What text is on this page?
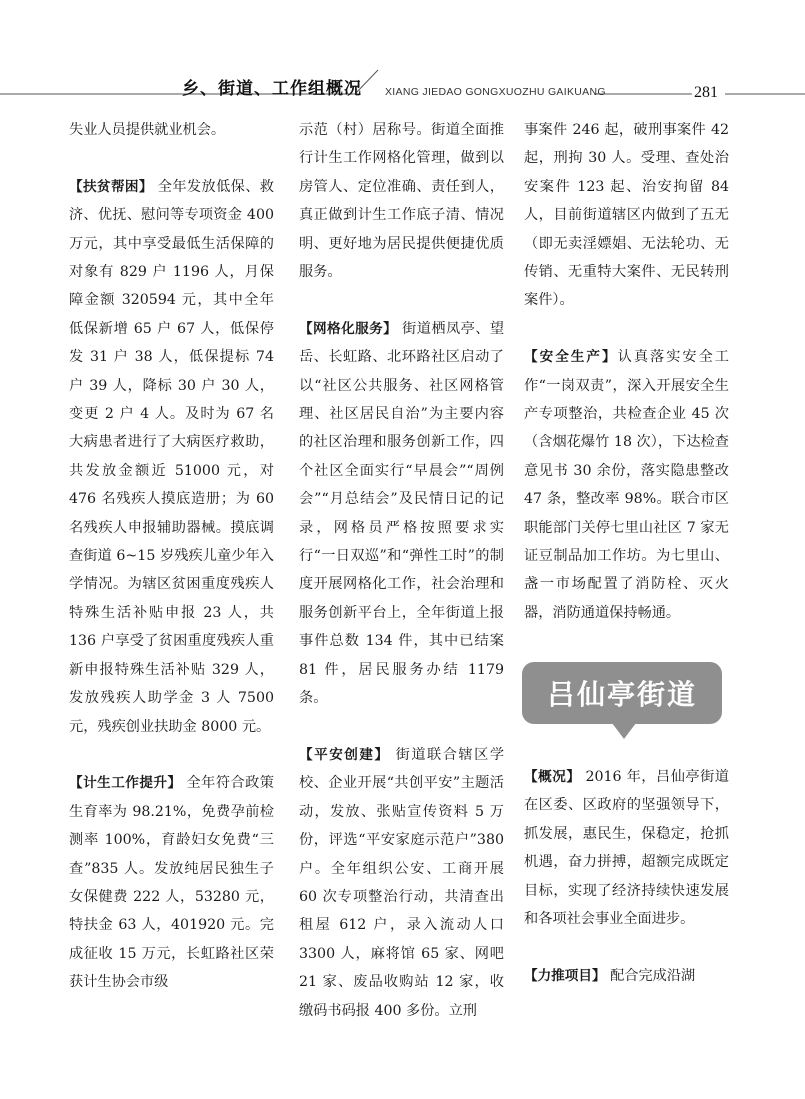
乡、街道、工作组概况 XIANG JIEDAO GONGXUOZHU GAIKUANG	281

失业人员提供就业机会。

【扶贫帮困】 全年发放低保、救济、优抚、慰问等专项资金 400 万元，其中享受最低生活保障的对象有 829 户 1196 人，月保障金额 320594 元，其中全年低保新增 65 户 67 人，低保停发 31 户 38 人，低保提标 74 户 39 人，降标 30 户 30 人，变更 2 户 4 人。及时为 67 名大病患者进行了大病医疗救助，共发放金额近 51000 元，对 476 名残疾人摸底造册；为 60 名残疾人申报辅助器械。摸底调查街道 6~15 岁残疾儿童少年入学情况。为辖区贫困重度残疾人特殊生活补贴申报 23 人，共 136 户享受了贫困重度残疾人重新申报特殊生活补贴 329 人，发放残疾人助学金 3 人 7500 元，残疾创业扶助金 8000 元。

【计生工作提升】 全年符合政策生育率为 98.21%，免费孕前检测率 100%，育龄妇女免费“三查”835 人。发放纯居民独生子女保健费 222 人，53280 元，特扶金 63 人，401920 元。完成征收 15 万元，长虹路社区荣获计生协会市级

示范（村）居称号。街道全面推行计生工作网格化管理，做到以房管人、定位准确、责任到人，真正做到计生工作底子清、情况明、更好地为居民提供便捷优质服务。

【网格化服务】 街道栖凤亭、望岳、长虹路、北环路社区启动了以“社区公共服务、社区网格管理、社区居民自治”为主要内容的社区治理和服务创新工作，四个社区全面实行“早晨会”“周例会”“月总结会”及民情日记的记录，网格员严格按照要求实行“一日双巡”和“弹性工时”的制度开展网格化工作，社会治理和服务创新平台上，全年街道上报事件总数 134 件，其中已结案 81 件，居民服务办结 1179 条。

【平安创建】 街道联合辖区学校、企业开展“共创平安”主题活动，发放、张贴宣传资料 5 万份，评选“平安家庭示范户”380 户。全年组织公安、工商开展 60 次专项整治行动，共清查出租屋 612 户，录入流动人口 3300 人，麻将馆 65 家、网吧 21 家、废品收购站 12 家，收缴码书码报 400 多份。立刑

事案件 246 起，破刑事案件 42 起，刑拘 30 人。受理、查处治安案件 123 起、治安拘留 84 人，目前街道辖区内做到了五无（即无卖淫嫖娼、无法轮功、无传销、无重特大案件、无民转刑案件）。

【安全生产】认真落实安全工作“一岗双责”，深入开展安全生产专项整治，共检查企业 45 次（含烟花爆竹 18 次），下达检查意见书 30 余份，落实隐患整改 47 条，整改率 98%。联合市区职能部门关停七里山社区 7 家无证豆制品加工作坊。为七里山、盏一市场配置了消防栓、灭火器，消防通道保持畅通。

吕仙亭街道

【概况】 2016 年，吕仙亭街道在区委、区政府的坚强领导下，抓发展，惠民生，保稳定，抢抓机遇，奋力拼搏，超额完成既定目标，实现了经济持续快速发展和各项社会事业全面进步。

【力推项目】 配合完成沿湖
